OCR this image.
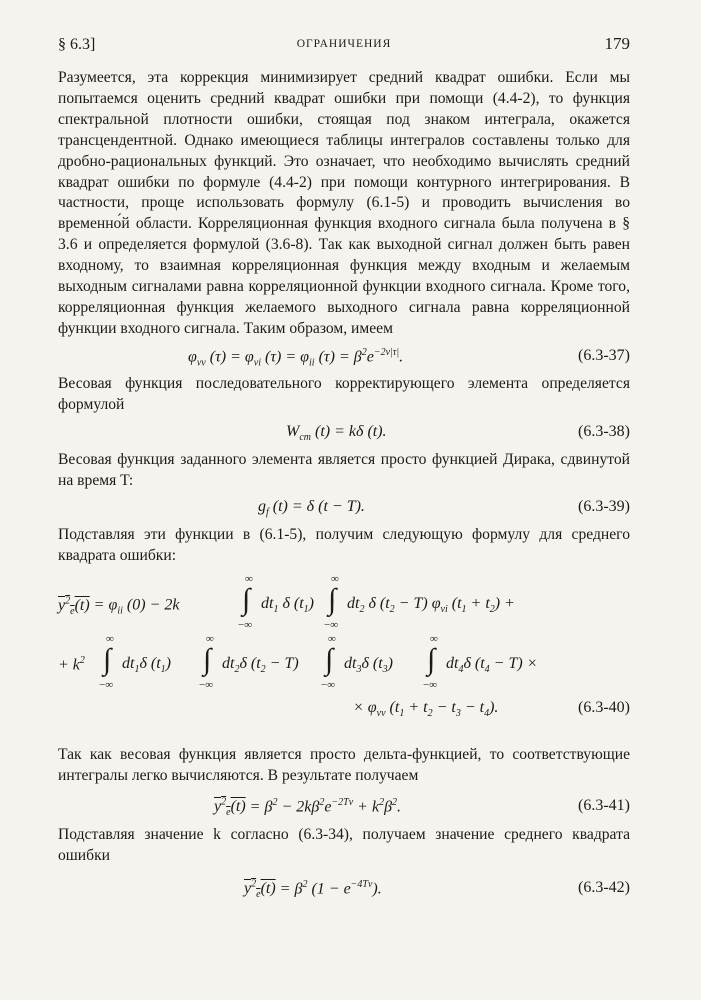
§ 6.3]	ОГРАНИЧЕНИЯ	179

Разумеется, эта коррекция минимизирует средний квадрат ошибки. Если мы попытаемся оценить средний квадрат ошибки при помощи (4.4-2), то функция спектральной плотности ошибки, стоящая под знаком интеграла, окажется трансцендентной. Однако имеющиеся таблицы интегралов составлены только для дробно-рациональных функций. Это означает, что необходимо вычислять средний квадрат ошибки по формуле (4.4-2) при помощи контурного интегрирования. В частности, проще использовать формулу (6.1-5) и проводить вычисления во временно́й области. Корреляционная функция входного сигнала была получена в § 3.6 и определяется формулой (3.6-8). Так как выходной сигнал должен быть равен входному, то взаимная корреляционная функция между входным и желаемым выходным сигналами равна корреляционной функции входного сигнала. Кроме того, корреляционная функция желаемого выходного сигнала равна корреляционной функции входного сигнала. Таким образом, имеем

$\varphi_{vv}$ $(\tau) = \varphi_{vi}$ $(\tau) = \varphi_{ii}$ $(\tau) = \beta^2e^{-2\nu|\tau|}$.	(6.3-37)

Весовая функция последовательного корректирующего элемента определяется формулой

$W_{cm}$ (t) = kδ (t).	(6.3-38)

Весовая функция заданного элемента является просто функцией Дирака, сдвинутой на время T:

$g_f$ (t) = δ (t − T).	(6.3-39)

Подставляя эти функции в (6.1-5), получим следующую формулу для среднего квадрата ошибки:

$y^2_e(t) = \varphi_{ii}$ (0) − 2k
∞
∫
−∞
$dt_1$ δ $(t_1)$
∞
∫
−∞
$dt_2$ δ $(t_2 - T)$ $\varphi_{vi}$ $(t_1 + t_2)$ +
+ $k^2$
∞
∫
−∞
$dt_1\delta$ $(t_1)$
∞
∫
−∞
$dt_2\delta$ $(t_2 - T)$
∞
∫
−∞
$dt_3\delta$ $(t_3)$
∞
∫
−∞
$dt_4\delta$ $(t_4 - T)$ ×
× $\varphi_{vv}$ $(t_1 + t_2 - t_3 - t_4)$.	(6.3-40)

Так как весовая функция является просто дельта-функцией, то соответствующие интегралы легко вычисляются. В результате получаем

$y^2_e(t) = \beta^2 - 2k\beta^2e^{-2T\nu} + k^2\beta^2$.	(6.3-41)

Подставляя значение k согласно (6.3-34), получаем значение среднего квадрата ошибки

$y^2_e(t) = \beta^2$ $(1 - e^{-4T\nu})$.	(6.3-42)
